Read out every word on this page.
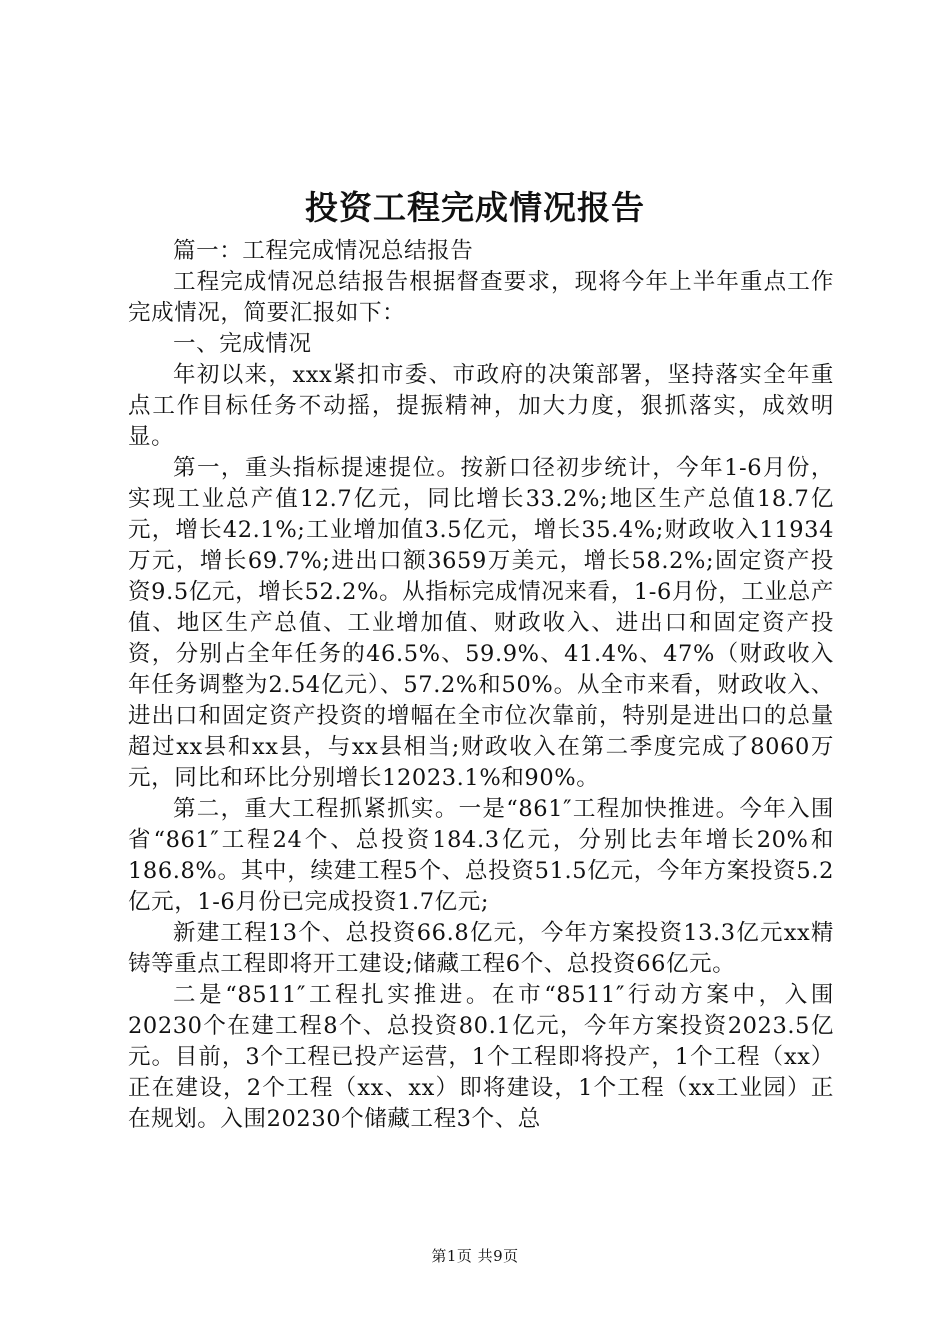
投资工程完成情况报告

篇一：工程完成情况总结报告

工程完成情况总结报告根据督查要求，现将今年上半年重点工作完成情况，简要汇报如下：

一、完成情况

年初以来，xxx紧扣市委、市政府的决策部署，坚持落实全年重点工作目标任务不动摇，提振精神，加大力度，狠抓落实，成效明显。

第一，重头指标提速提位。按新口径初步统计，今年1-6月份，实现工业总产值12.7亿元，同比增长33.2%;地区生产总值18.7亿元，增长42.1%;工业增加值3.5亿元，增长35.4%;财政收入11934万元，增长69.7%;进出口额3659万美元，增长58.2%;固定资产投资9.5亿元，增长52.2%。从指标完成情况来看，1-6月份，工业总产值、地区生产总值、工业增加值、财政收入、进出口和固定资产投资，分别占全年任务的46.5%、59.9%、41.4%、47%（财政收入年任务调整为2.54亿元）、57.2%和50%。从全市来看，财政收入、进出口和固定资产投资的增幅在全市位次靠前，特别是进出口的总量超过xx县和xx县，与xx县相当;财政收入在第二季度完成了8060万元，同比和环比分别增长12023.1%和90%。

第二，重大工程抓紧抓实。一是“861″工程加快推进。今年入围省“861″工程24个、总投资184.3亿元，分别比去年增长20%和186.8%。其中，续建工程5个、总投资51.5亿元，今年方案投资5.2亿元，1-6月份已完成投资1.7亿元;

新建工程13个、总投资66.8亿元，今年方案投资13.3亿元xx精铸等重点工程即将开工建设;储藏工程6个、总投资66亿元。

二是“8511″工程扎实推进。在市“8511″行动方案中，入围20230个在建工程8个、总投资80.1亿元，今年方案投资2023.5亿元。目前，3个工程已投产运营，1个工程即将投产，1个工程（xx）正在建设，2个工程（xx、xx）即将建设，1个工程（xx工业园）正在规划。入围20230个储藏工程3个、总

第1页 共9页
